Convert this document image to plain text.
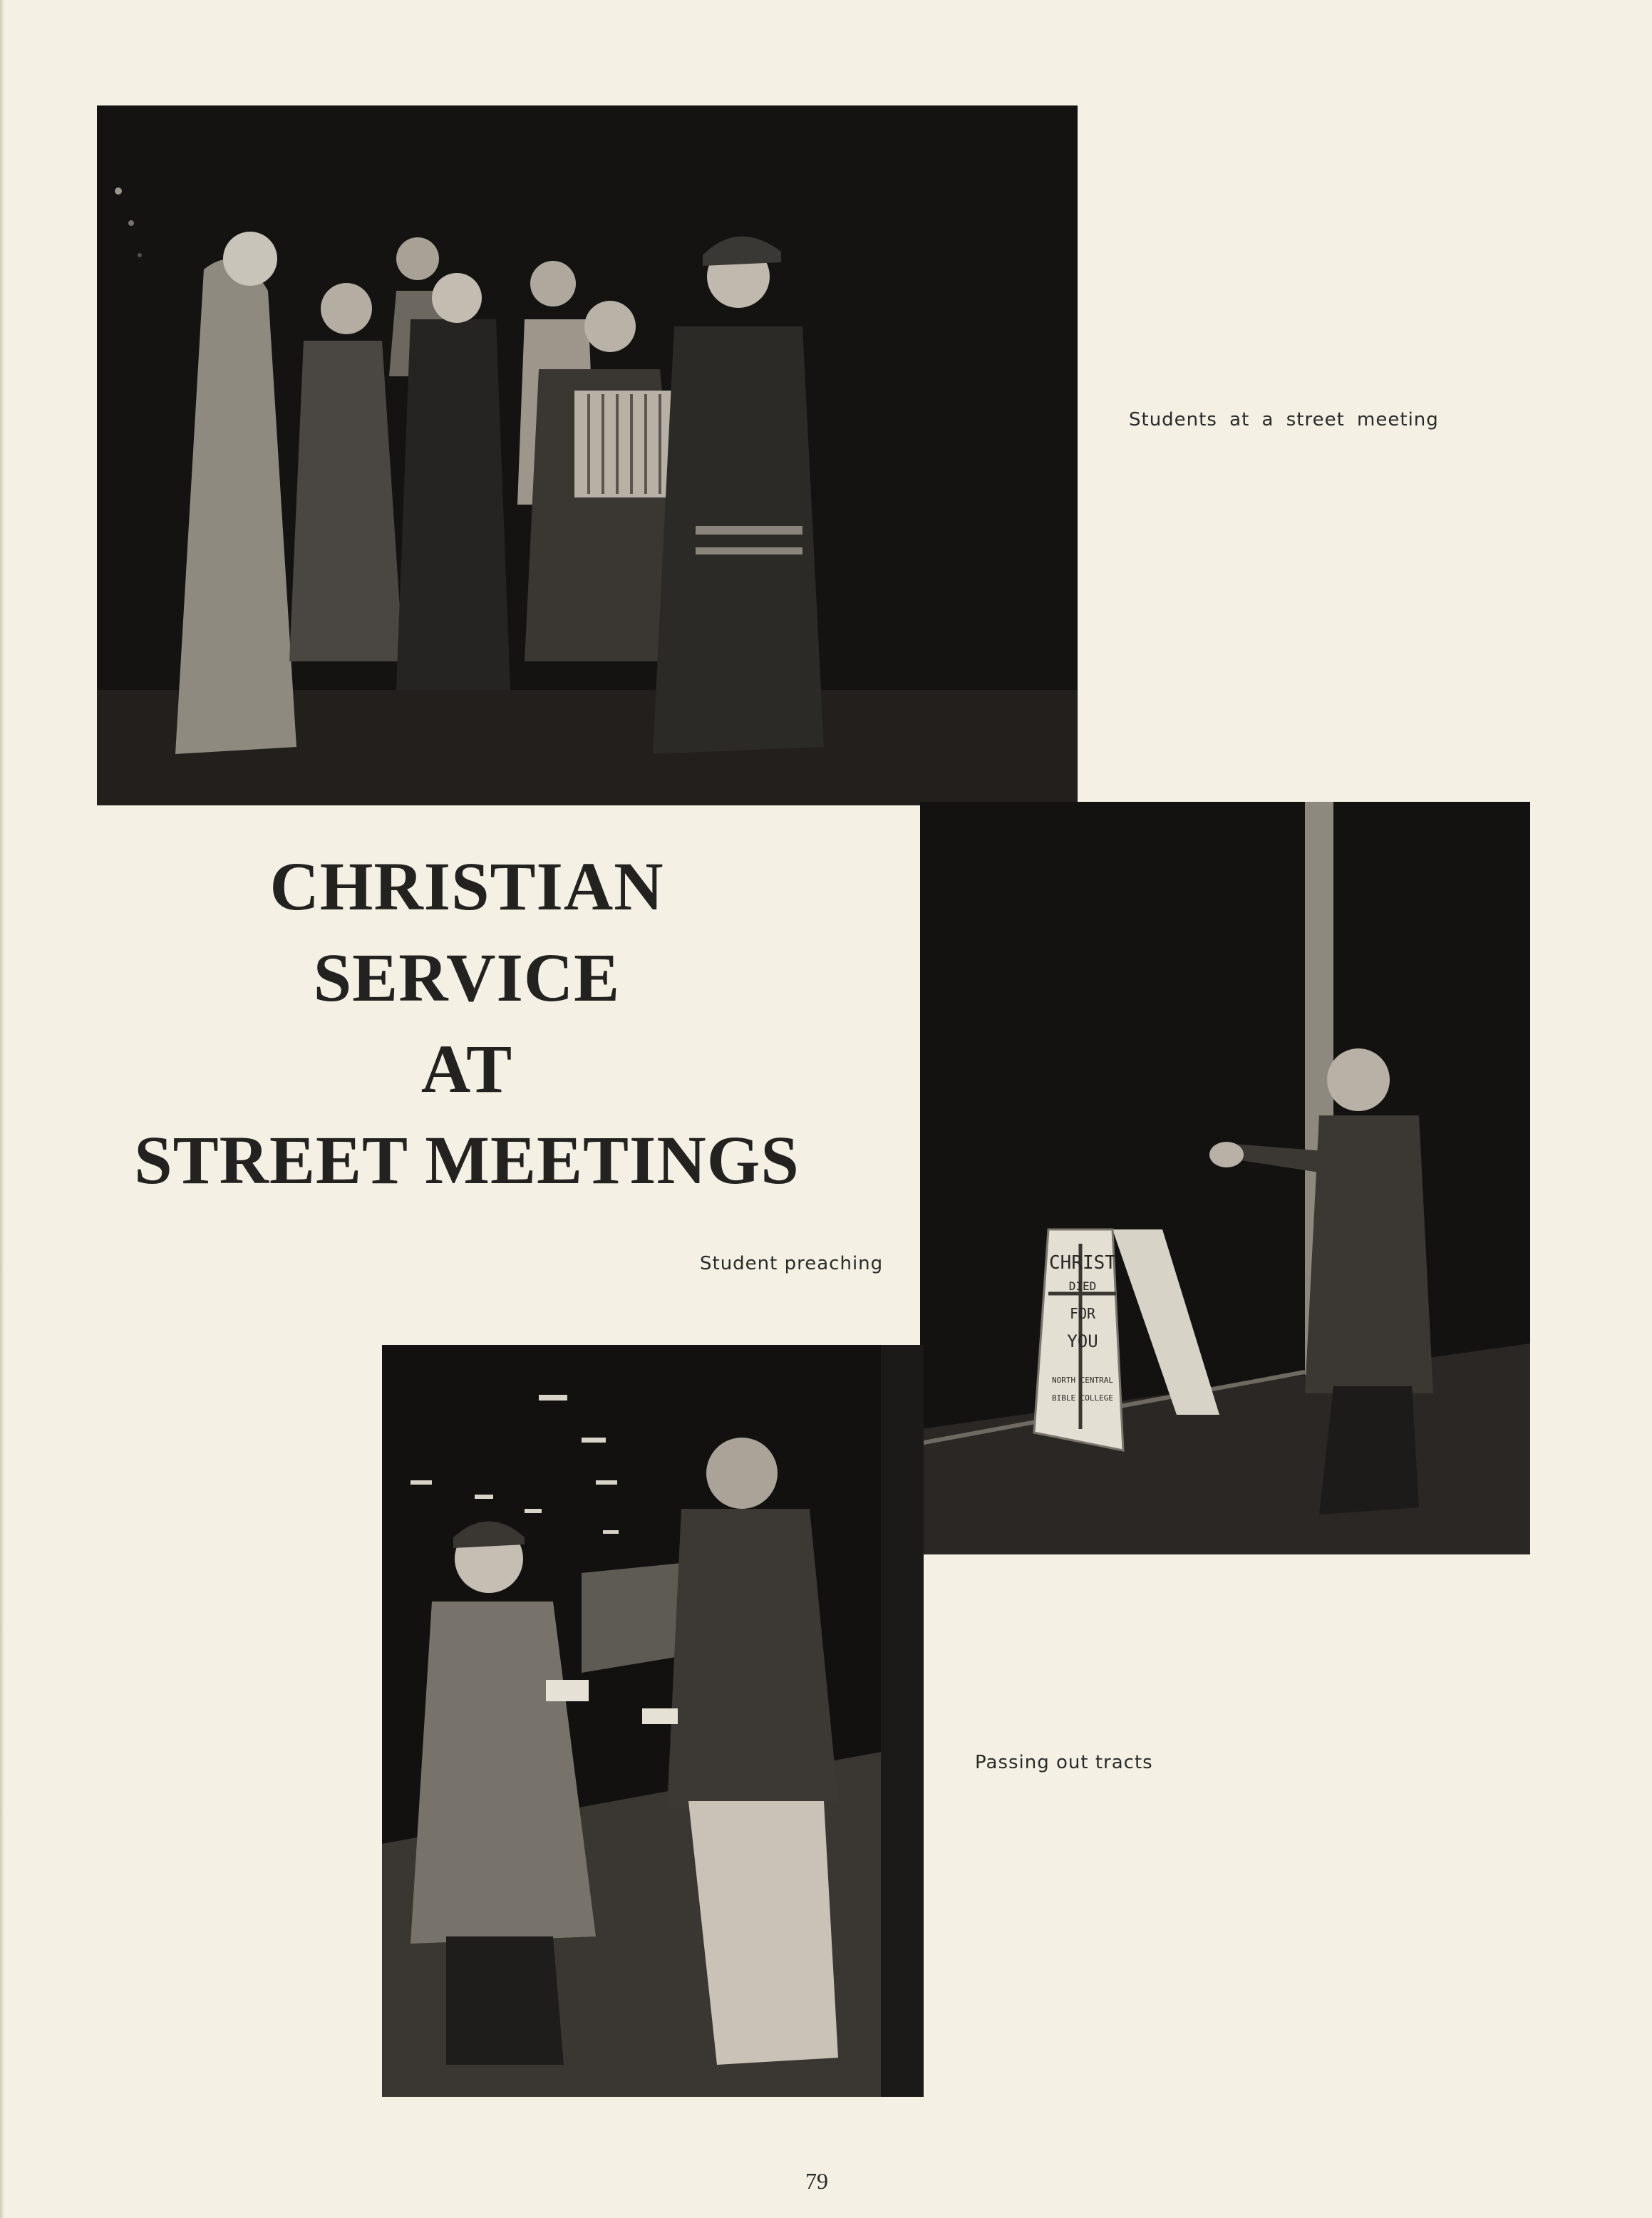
CHRIST
DIED
FOR
YOU
NORTH CENTRAL
BIBLE COLLEGE
Students at a street meeting
CHRISTIAN
SERVICE
AT
STREET MEETINGS
Student preaching
Passing out tracts
79
